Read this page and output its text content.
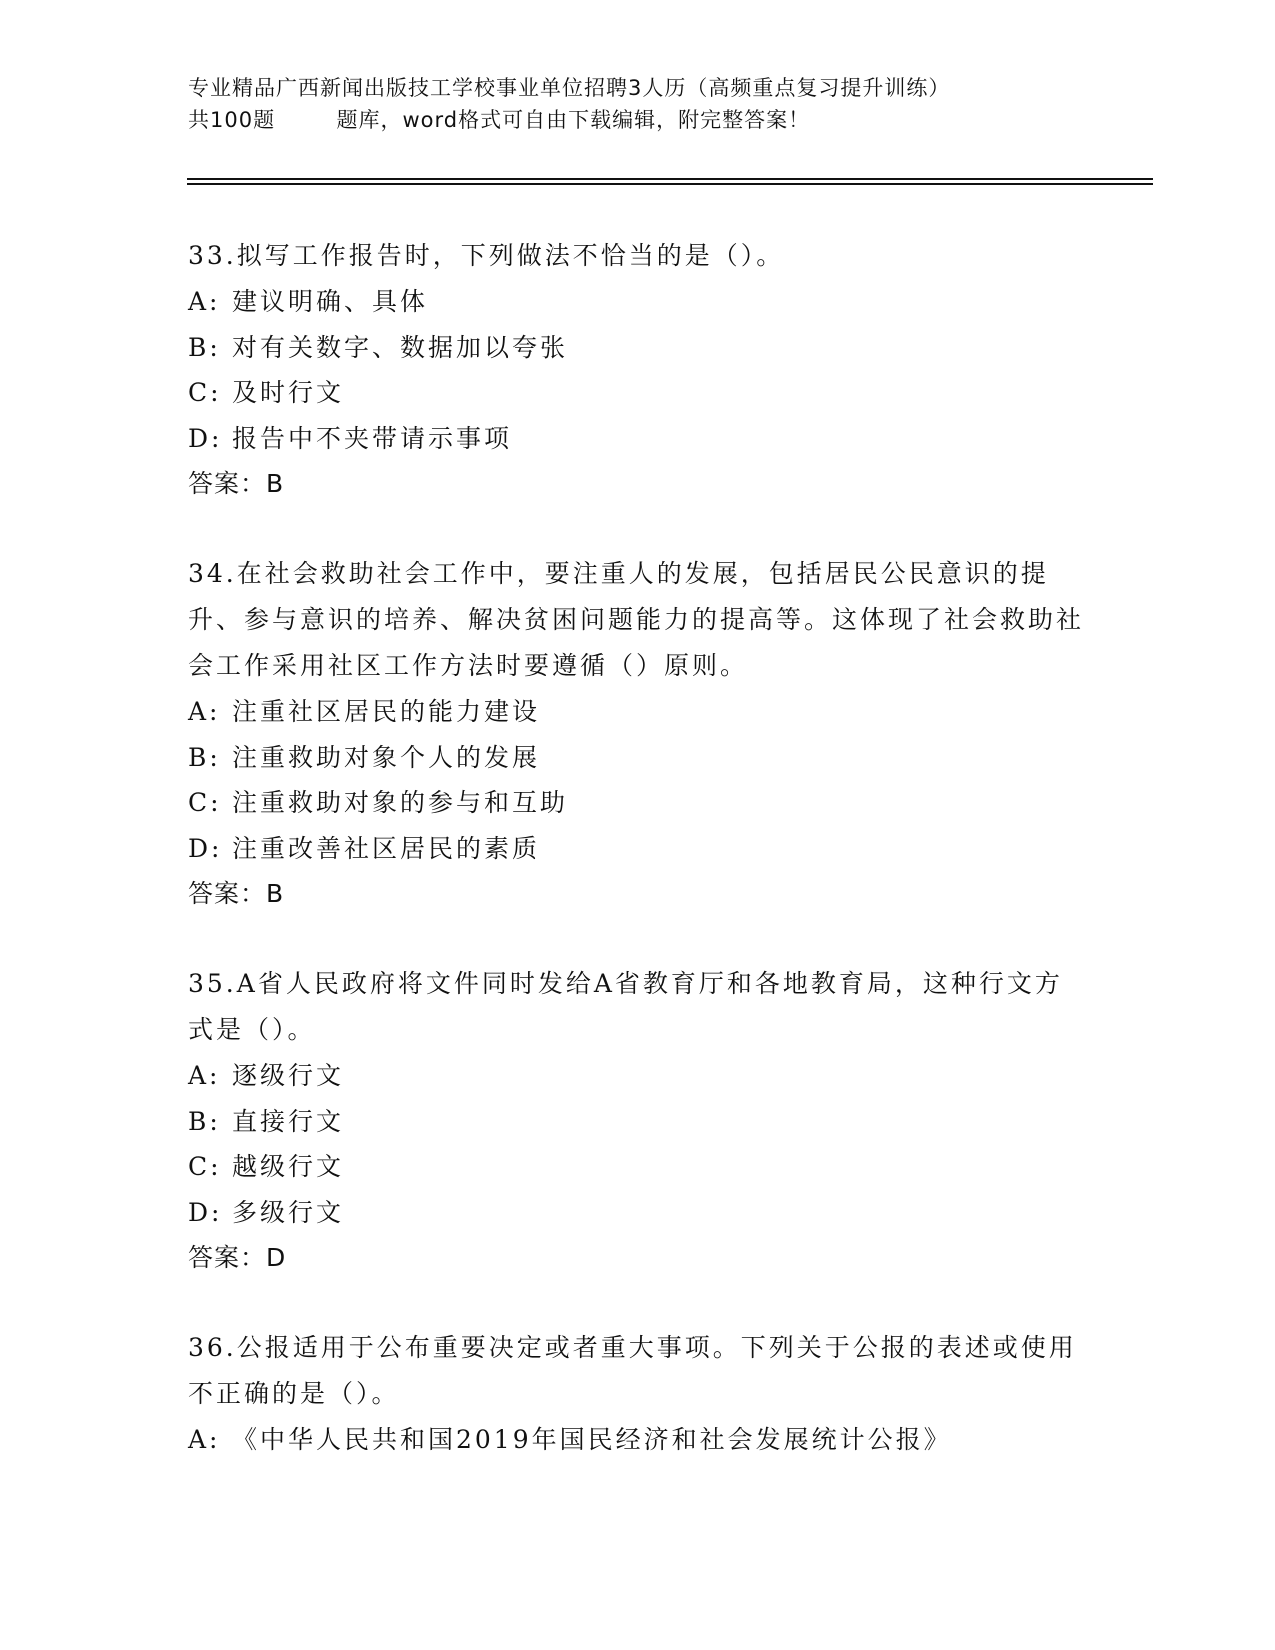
专业精品广西新闻出版技工学校事业单位招聘3人历（高频重点复习提升训练）
共100题        题库，word格式可自由下载编辑，附完整答案！
33.拟写工作报告时，下列做法不恰当的是（）。
A: 建议明确、具体
B: 对有关数字、数据加以夸张
C: 及时行文
D: 报告中不夹带请示事项
答案：B
34.在社会救助社会工作中，要注重人的发展，包括居民公民意识的提升、参与意识的培养、解决贫困问题能力的提高等。这体现了社会救助社会工作采用社区工作方法时要遵循（）原则。
A: 注重社区居民的能力建设
B: 注重救助对象个人的发展
C: 注重救助对象的参与和互助
D: 注重改善社区居民的素质
答案：B
35.A省人民政府将文件同时发给A省教育厅和各地教育局，这种行文方式是（）。
A: 逐级行文
B: 直接行文
C: 越级行文
D: 多级行文
答案：D
36.公报适用于公布重要决定或者重大事项。下列关于公报的表述或使用不正确的是（）。
A: 《中华人民共和国2019年国民经济和社会发展统计公报》
